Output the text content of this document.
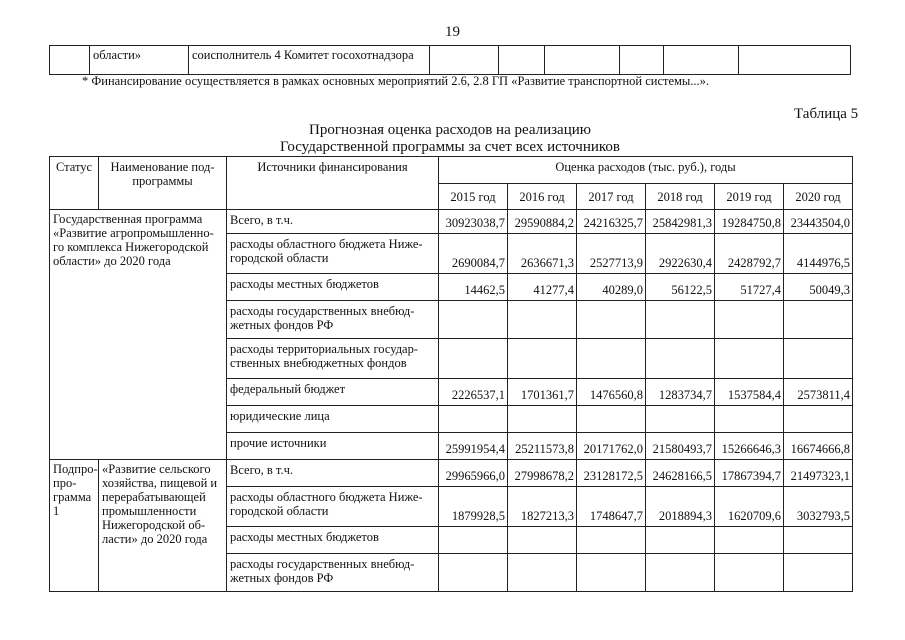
19
	области»	соисполнитель 4 Комитет госохотнадзора						
* Финансирование осуществляется в рамках основных мероприятий 2.6, 2.8 ГП «Развитие транспортной системы...».
Таблица 5
Прогнозная оценка расходов на реализацию
Государственной программы за счет всех источников
Статус	Наименование под-программы	Источники финансирования	Оценка расходов (тыс. руб.), годы					
			2015 год	2016 год	2017 год	2018 год	2019 год	2020 год
Государственная программа «Развитие агропромышленно-го комплекса Нижегородской области» до 2020 года		Всего, в т.ч.	30923038,7	29590884,2	24216325,7	25842981,3	19284750,8	23443504,0
		расходы областного бюджета Ниже-городской области	2690084,7	2636671,3	2527713,9	2922630,4	2428792,7	4144976,5
		расходы местных бюджетов	14462,5	41277,4	40289,0	56122,5	51727,4	50049,3
		расходы государственных внебюд-жетных фондов РФ						
		расходы территориальных государ-ственных внебюджетных фондов						
		федеральный бюджет	2226537,1	1701361,7	1476560,8	1283734,7	1537584,4	2573811,4
		юридические лица						
		прочие источники	25991954,4	25211573,8	20171762,0	21580493,7	15266646,3	16674666,8
Подпро-про-грамма 1	«Развитие сельского хозяйства, пищевой и перерабатывающей промышленности Нижегородской об-ласти» до 2020 года	Всего, в т.ч.	29965966,0	27998678,2	23128172,5	24628166,5	17867394,7	21497323,1
		расходы областного бюджета Ниже-городской области	1879928,5	1827213,3	1748647,7	2018894,3	1620709,6	3032793,5
		расходы местных бюджетов						
		расходы государственных внебюд-жетных фондов РФ						
